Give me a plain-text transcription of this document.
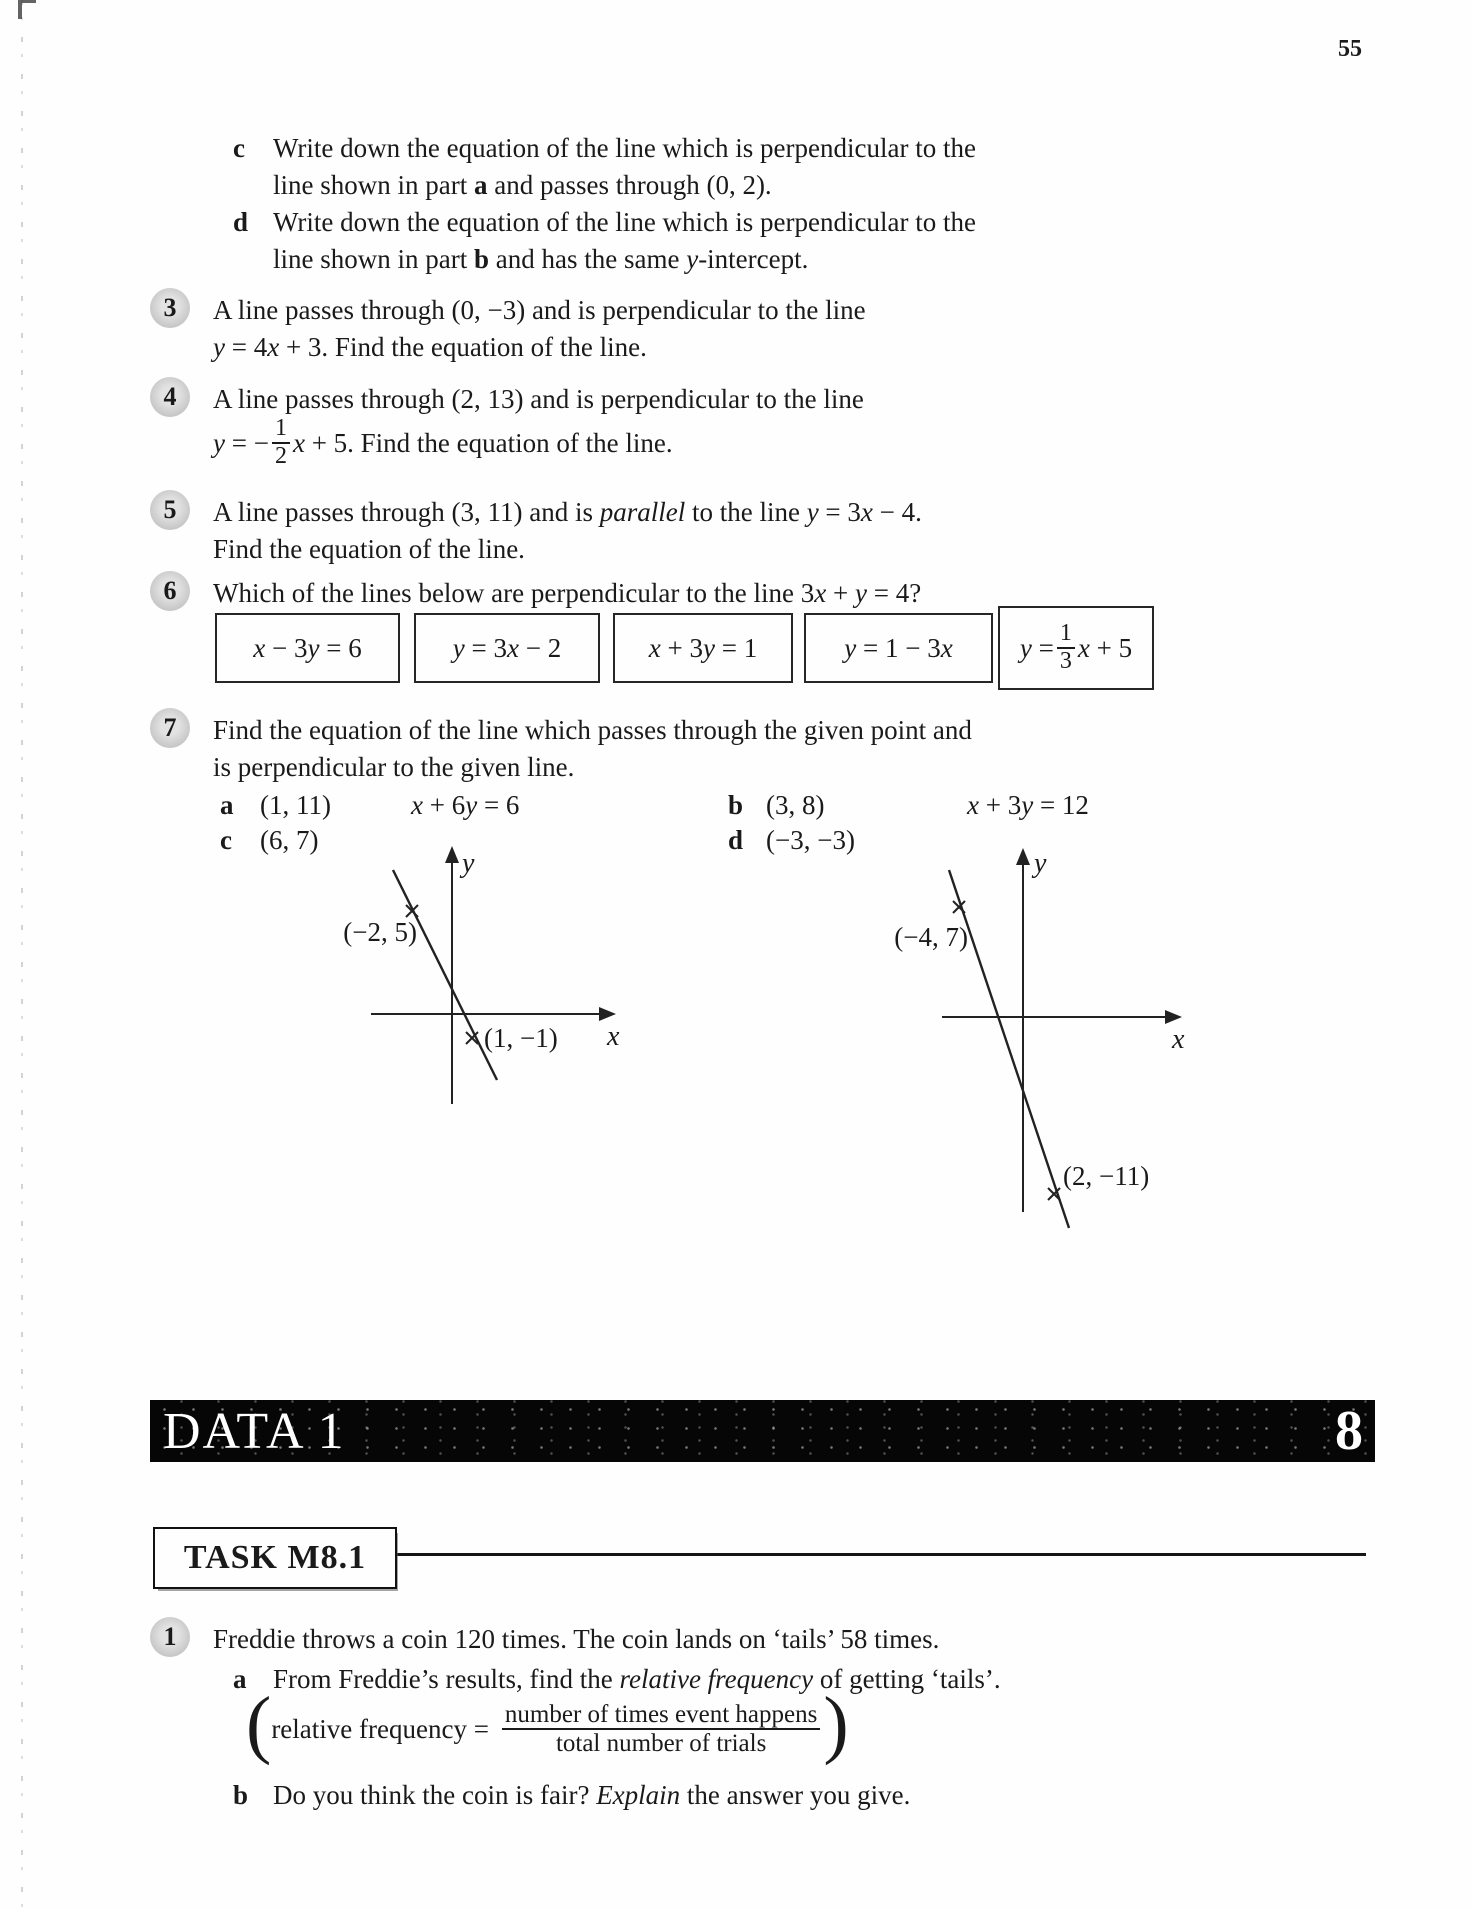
55
c Write down the equation of the line which is perpendicular to the
line shown in part a and passes through (0, 2).
d Write down the equation of the line which is perpendicular to the
line shown in part b and has the same y-intercept.
3 A line passes through (0, −3) and is perpendicular to the line
y = 4x + 3. Find the equation of the line.
4 A line passes through (2, 13) and is perpendicular to the line
y = − $\frac{1}{2}$ x + 5. Find the equation of the line.
5 A line passes through (3, 11) and is parallel to the line y = 3x − 4.
Find the equation of the line.
6 Which of the lines below are perpendicular to the line 3x + y = 4?
x − 3y = 6	y = 3x − 2	x + 3y = 1	y = 1 − 3x $y = \frac{1}{3}$ x + 5
7 Find the equation of the line which passes through the given point and
is perpendicular to the given line.
a (1, 11)	x + 6y = 6	b (3, 8)	x + 3y = 12
c (6, 7)	d (−3, −3)
y
x
(−2, 5)
(1, −1)
y
x
(−4, 7)
(2, −11)
DATA 1	8
TASK M8.1
1 Freddie throws a coin 120 times. The coin lands on ‘tails’ 58 times.
a From Freddie’s results, find the relative frequency of getting ‘tails’.
( relative frequency = $\frac{\text{number of times event happens}}{\text{total number of trials}}$ )
b Do you think the coin is fair? Explain the answer you give.
